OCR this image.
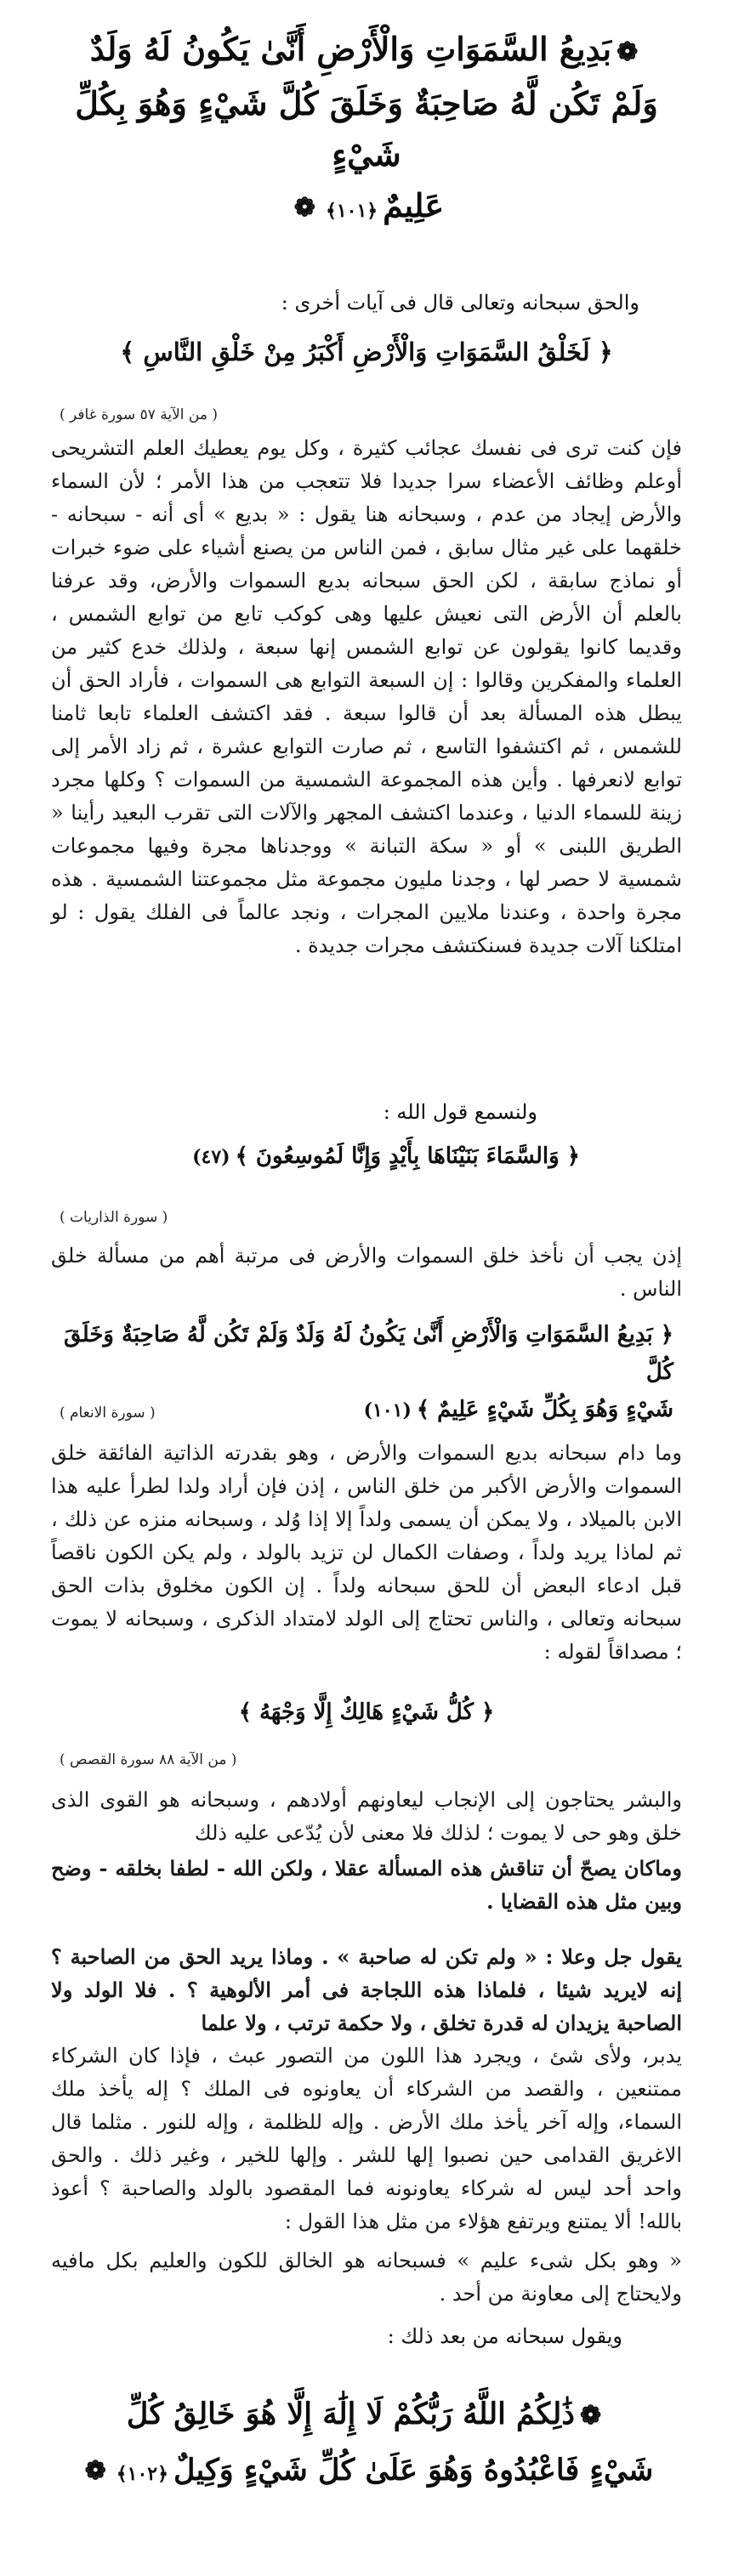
❁بَدِيعُ السَّمَوَاتِ وَالْأَرْضِ أَنَّىٰ يَكُونُ لَهُ وَلَدٌ
وَلَمْ تَكُن لَّهُ صَاحِبَةٌ وَخَلَقَ كُلَّ شَيْءٍ وَهُوَ بِكُلِّ شَيْءٍ
عَلِيمٌ﴿١٠١﴾❁
والحق سبحانه وتعالى قال فى آيات أخرى :
﴿ لَخَلْقُ السَّمَوَاتِ وَالْأَرْضِ أَكْبَرُ مِنْ خَلْقِ النَّاسِ ﴾
( من الآية ٥٧ سورة غافر )
فإن كنت ترى فى نفسك عجائب كثيرة ، وكل يوم يعطيك العلم التشريحى أوعلم وظائف الأعضاء سرا جديدا فلا تتعجب من هذا الأمر ؛ لأن السماء والأرض إيجاد من عدم ، وسبحانه هنا يقول : « بديع » أى أنه - سبحانه - خلقهما على غير مثال سابق ، فمن الناس من يصنع أشياء على ضوء خبرات أو نماذج سابقة ، لكن الحق سبحانه بديع السموات والأرض، وقد عرفنا بالعلم أن الأرض التى نعيش عليها وهى كوكب تابع من توابع الشمس ، وقديما كانوا يقولون عن توابع الشمس إنها سبعة ، ولذلك خدع كثير من العلماء والمفكرين وقالوا : إن السبعة التوابع هى السموات ، فأراد الحق أن يبطل هذه المسألة بعد أن قالوا سبعة . فقد اكتشف العلماء تابعا ثامنا للشمس ، ثم اكتشفوا التاسع ، ثم صارت التوابع عشرة ، ثم زاد الأمر إلى توابع لانعرفها . وأين هذه المجموعة الشمسية من السموات ؟ وكلها مجرد زينة للسماء الدنيا ، وعندما اكتشف المجهر والآلات التى تقرب البعيد رأينا « الطريق اللبنى » أو « سكة التبانة » ووجدناها مجرة وفيها مجموعات شمسية لا حصر لها ، وجدنا مليون مجموعة مثل مجموعتنا الشمسية . هذه مجرة واحدة ، وعندنا ملايين المجرات ، ونجد عالماً فى الفلك يقول : لو امتلكنا آلات جديدة فسنكتشف مجرات جديدة .
ولنسمع قول الله :
﴿ وَالسَّمَاءَ بَنَيْنَاهَا بِأَيْدٍ وَإِنَّا لَمُوسِعُونَ ﴾(٤٧)
( سورة الذاريات )
إذن يجب أن نأخذ خلق السموات والأرض فى مرتبة أهم من مسألة خلق الناس .
﴿ بَدِيعُ السَّمَوَاتِ وَالْأَرْضِ أَنَّىٰ يَكُونُ لَهُ وَلَدٌ وَلَمْ تَكُن لَّهُ صَاحِبَةٌ وَخَلَقَ كُلَّ
شَيْءٍ وَهُوَ بِكُلِّ شَيْءٍ عَلِيمٌ ﴾(١٠١)
( سورة الانعام )
وما دام سبحانه بديع السموات والأرض ، وهو بقدرته الذاتية الفائقة خلق السموات والأرض الأكبر من خلق الناس ، إذن فإن أراد ولدا لطرأ عليه هذا الابن بالميلاد ، ولا يمكن أن يسمى ولداً إلا إذا وُلد ، وسبحانه منزه عن ذلك ، ثم لماذا يريد ولداً ، وصفات الكمال لن تزيد بالولد ، ولم يكن الكون ناقصاً قبل ادعاء البعض أن للحق سبحانه ولداً . إن الكون مخلوق بذات الحق سبحانه وتعالى ، والناس تحتاج إلى الولد لامتداد الذكرى ، وسبحانه لا يموت ؛ مصداقاً لقوله :
﴿ كُلُّ شَيْءٍ هَالِكٌ إِلَّا وَجْهَهُ ﴾
( من الآية ٨٨ سورة القصص )
والبشر يحتاجون إلى الإنجاب ليعاونهم أولادهم ، وسبحانه هو القوى الذى خلق وهو حى لا يموت ؛ لذلك فلا معنى لأن يُدّعى عليه ذلك
وماكان يصحّ أن تناقش هذه المسألة عقلا ، ولكن الله - لطفا بخلقه - وضح وبين مثل هذه القضايا .
يقول جل وعلا : « ولم تكن له صاحبة » . وماذا يريد الحق من الصاحبة ؟ إنه لايريد شيئا ، فلماذا هذه اللجاجة فى أمر الألوهية ؟ . فلا الولد ولا الصاحبة يزيدان له قدرة تخلق ، ولا حكمة ترتب ، ولا علما
يدبر، ولأى شئ ، ويجرد هذا اللون من التصور عبث ، فإذا كان الشركاء ممتنعين ، والقصد من الشركاء أن يعاونوه فى الملك ؟ إله يأخذ ملك السماء، وإله آخر يأخذ ملك الأرض . وإله للظلمة ، وإله للنور . مثلما قال الاغريق القدامى حين نصبوا إلها للشر . وإلها للخير ، وغير ذلك . والحق واحد أحد ليس له شركاء يعاونونه فما المقصود بالولد والصاحبة ؟ أعوذ بالله! ألا يمتنع ويرتفع هؤلاء من مثل هذا القول :
« وهو بكل شىء عليم » فسبحانه هو الخالق للكون والعليم بكل مافيه ولايحتاج إلى معاونة من أحد .
ويقول سبحانه من بعد ذلك :
❁ذَٰلِكُمُ اللَّهُ رَبُّكُمْ لَا إِلَٰهَ إِلَّا هُوَ خَالِقُ كُلِّ
شَيْءٍ فَاعْبُدُوهُ وَهُوَ عَلَىٰ كُلِّ شَيْءٍ وَكِيلٌ﴿١٠٢﴾❁
